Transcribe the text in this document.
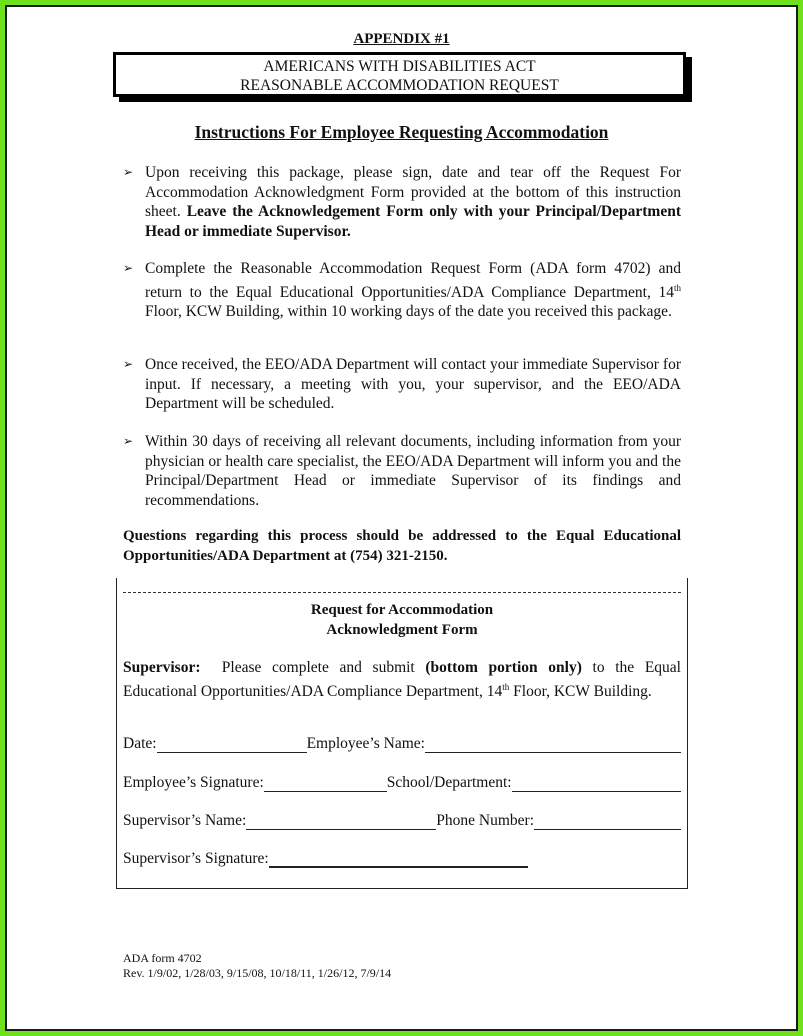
APPENDIX #1
AMERICANS WITH DISABILITIES ACT
REASONABLE ACCOMMODATION REQUEST
Instructions For Employee Requesting Accommodation
➢ Upon receiving this package, please sign, date and tear off the Request For Accommodation Acknowledgment Form provided at the bottom of this instruction sheet. Leave the Acknowledgement Form only with your Principal/Department Head or immediate Supervisor.
➢ Complete the Reasonable Accommodation Request Form (ADA form 4702) and return to the Equal Educational Opportunities/ADA Compliance Department, 14th Floor, KCW Building, within 10 working days of the date you received this package.
➢ Once received, the EEO/ADA Department will contact your immediate Supervisor for input. If necessary, a meeting with you, your supervisor, and the EEO/ADA Department will be scheduled.
➢ Within 30 days of receiving all relevant documents, including information from your physician or health care specialist, the EEO/ADA Department will inform you and the Principal/Department Head or immediate Supervisor of its findings and recommendations.
Questions regarding this process should be addressed to the Equal Educational Opportunities/ADA Department at (754) 321-2150.
Request for Accommodation
Acknowledgment Form
Supervisor:  Please complete and submit (bottom portion only) to the Equal Educational Opportunities/ADA Compliance Department, 14th Floor, KCW Building.
Date:	Employee’s Name:
Employee’s Signature:	School/Department:
Supervisor’s Name:	Phone Number:
Supervisor’s Signature:
ADA form 4702
Rev. 1/9/02, 1/28/03, 9/15/08, 10/18/11, 1/26/12, 7/9/14
